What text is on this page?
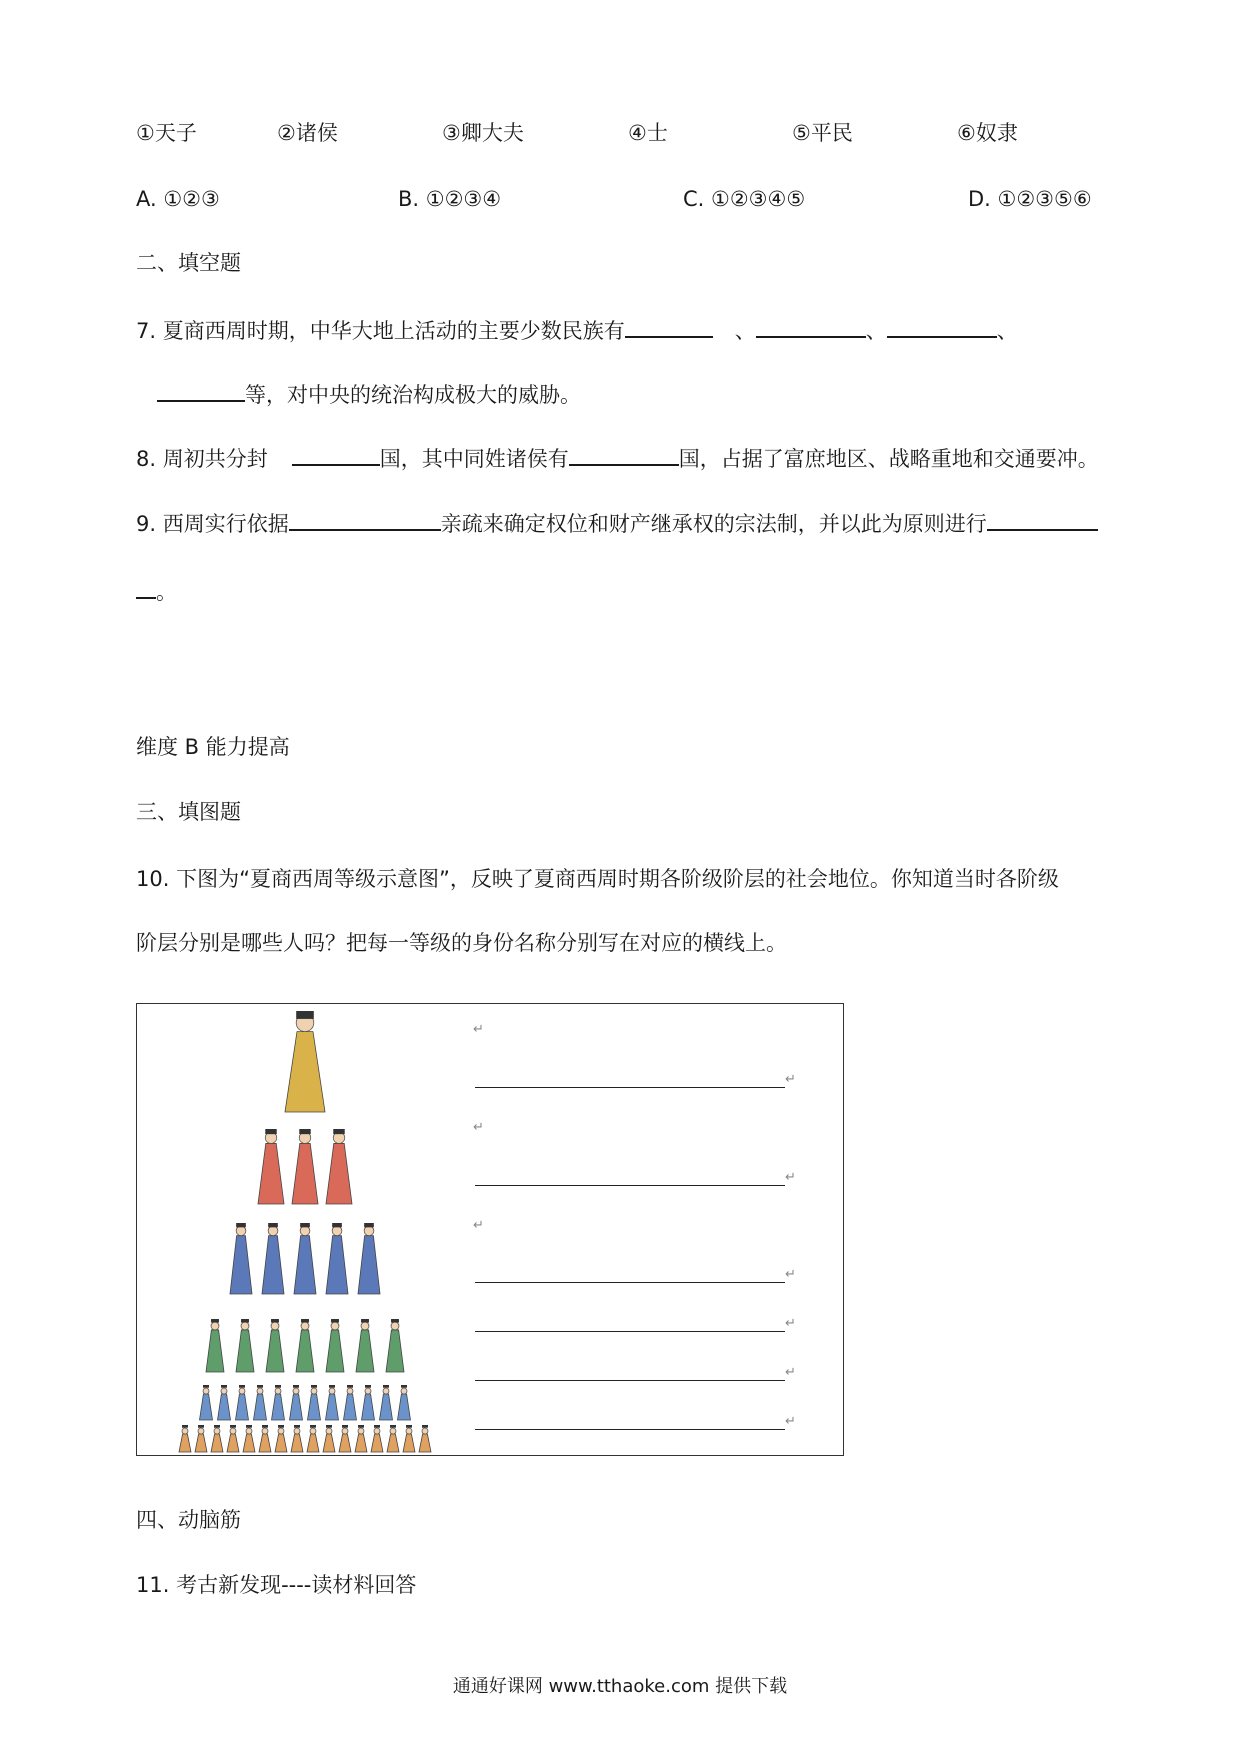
①天子	②诸侯	③卿大夫	④士	⑤平民	⑥奴隶
A. ①②③	B. ①②③④	C. ①②③④⑤	D. ①②③⑤⑥
二、填空题
7. 夏商西周时期，中华大地上活动的主要少数民族有	、	、	、
等，对中央的统治构成极大的威胁。
8. 周初共分封	国，其中同姓诸侯有	国，占据了富庶地区、战略重地和交通要冲。
9. 西周实行依据	亲疏来确定权位和财产继承权的宗法制，并以此为原则进行
。
维度 B 能力提高
三、填图题
10. 下图为“夏商西周等级示意图”，反映了夏商西周时期各阶级阶层的社会地位。你知道当时各阶级
阶层分别是哪些人吗？把每一等级的身份名称分别写在对应的横线上。
↵
↵
↵
↵
↵
↵
↵
↵
↵
四、动脑筋
11. 考古新发现----读材料回答
通通好课网 www.tthaoke.com 提供下载
